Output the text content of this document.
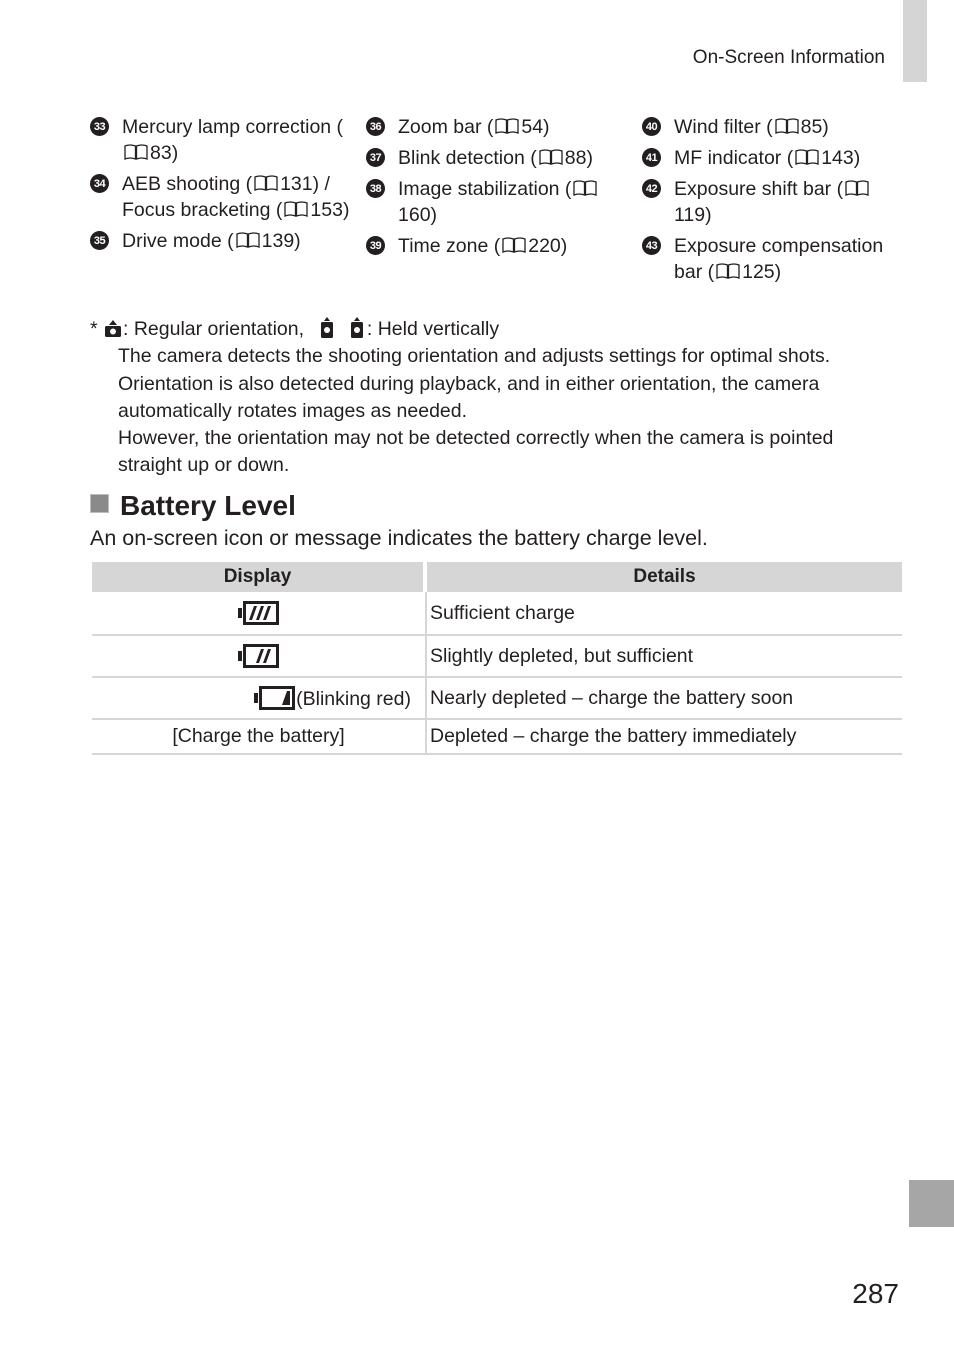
On-Screen Information
33 Mercury lamp correction (83)
34 AEB shooting ( 131) / Focus bracketing ( 153)
35 Drive mode ( 139)
36 Zoom bar ( 54)
37 Blink detection ( 88)
38 Image stabilization (160)
39 Time zone ( 220)
40 Wind filter ( 85)
41 MF indicator ( 143)
42 Exposure shift bar (119)
43 Exposure compensation bar ( 125)
* : Regular orientation,	: Held vertically
The camera detects the shooting orientation and adjusts settings for optimal shots.
Orientation is also detected during playback, and in either orientation, the camera automatically rotates images as needed.
However, the orientation may not be detected correctly when the camera is pointed straight up or down.
Battery Level
An on-screen icon or message indicates the battery charge level.
Display	Details
	Sufficient charge
	Slightly depleted, but sufficient
(Blinking red)	Nearly depleted – charge the battery soon
[Charge the battery]	Depleted – charge the battery immediately
287
